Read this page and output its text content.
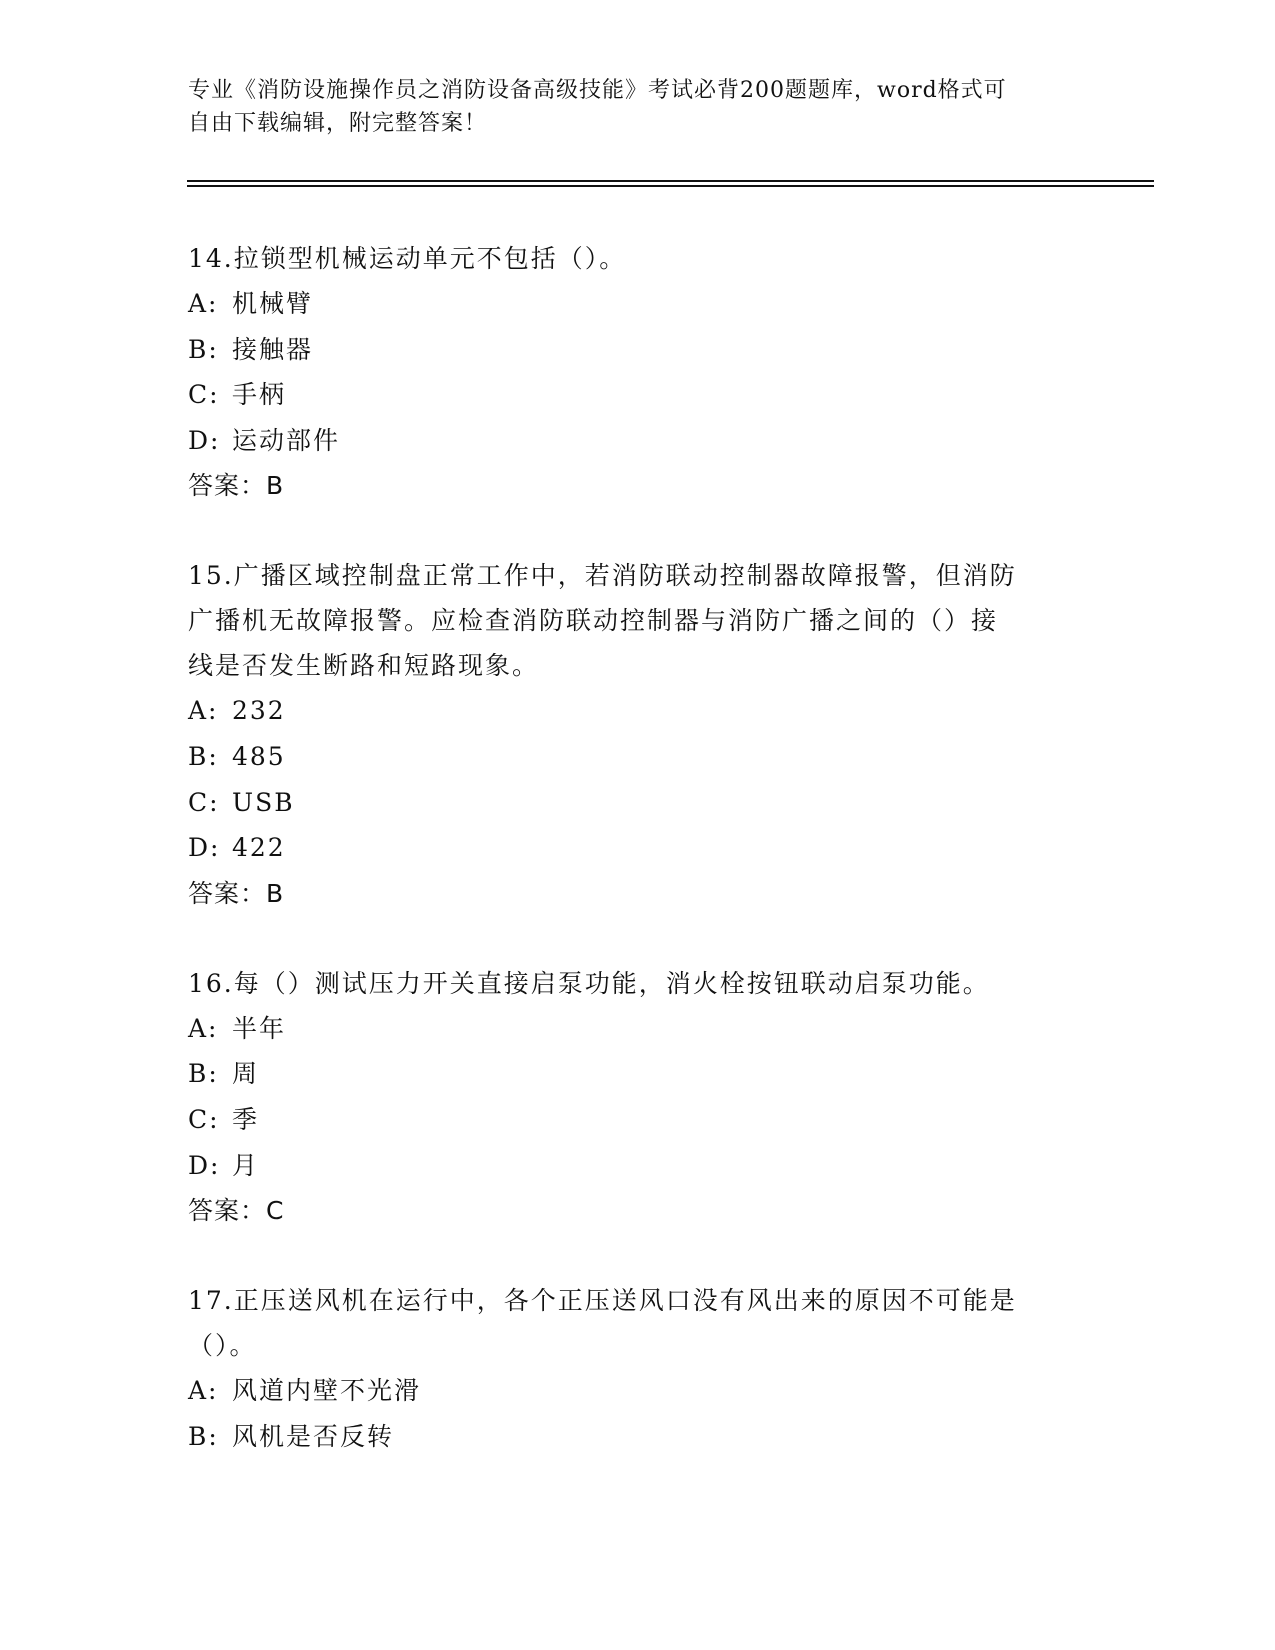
专业《消防设施操作员之消防设备高级技能》考试必背200题题库，word格式可
自由下载编辑，附完整答案！
14.拉锁型机械运动单元不包括（）。
A: 机械臂
B: 接触器
C: 手柄
D: 运动部件
答案：B
15.广播区域控制盘正常工作中，若消防联动控制器故障报警，但消防
广播机无故障报警。应检查消防联动控制器与消防广播之间的（）接
线是否发生断路和短路现象。
A: 232
B: 485
C: USB
D: 422
答案：B
16.每（）测试压力开关直接启泵功能，消火栓按钮联动启泵功能。
A: 半年
B: 周
C: 季
D: 月
答案：C
17.正压送风机在运行中，各个正压送风口没有风出来的原因不可能是
（）。
A: 风道内壁不光滑
B: 风机是否反转
